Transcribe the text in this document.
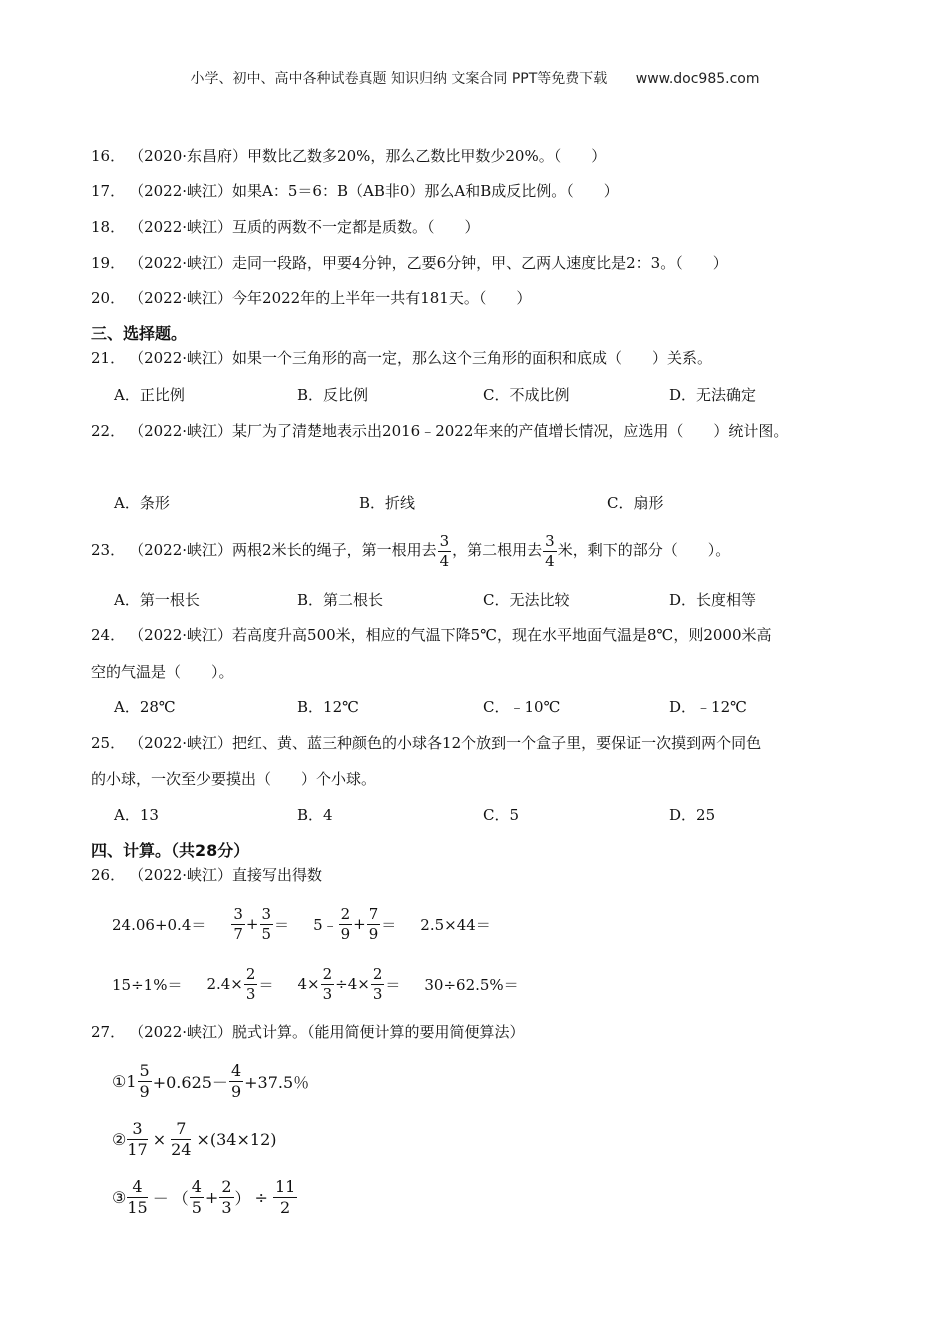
小学、初中、高中各种试卷真题 知识归纳 文案合同 PPT等免费下载 www.doc985.com
16． （2020·东昌府）甲数比乙数多20%，那么乙数比甲数少20%。（　　）
17． （2022·峡江）如果A：5＝6：B（AB非0）那么A和B成反比例。（　　）
18． （2022·峡江）互质的两数不一定都是质数。（　　）
19． （2022·峡江）走同一段路，甲要4分钟，乙要6分钟，甲、乙两人速度比是2：3。（　　）
20． （2022·峡江）今年2022年的上半年一共有181天。（　　）
三、选择题。
21． （2022·峡江）如果一个三角形的高一定，那么这个三角形的面积和底成（　　）关系。
A．正比例	B．反比例	C．不成比例	D．无法确定
22． （2022·峡江）某厂为了清楚地表示出2016﹣2022年来的产值增长情况，应选用（　　）统计图。
A．条形	B．折线	C．扇形
23． （2022·峡江）两根2米长的绳子，第一根用去 $\frac{3}{4}$ ，第二根用去 $\frac{3}{4}$ 米，剩下的部分（　　）。
A．第一根长	B．第二根长	C．无法比较	D．长度相等
24． （2022·峡江）若高度升高500米，相应的气温下降5℃，现在水平地面气温是8℃，则2000米高
空的气温是（　　）。
A．28℃	B．12℃	C．﹣10℃	D．﹣12℃
25． （2022·峡江）把红、黄、蓝三种颜色的小球各12个放到一个盒子里，要保证一次摸到两个同色
的小球，一次至少要摸出（　　）个小球。
A．13	B．4	C．5	D．25
四、计算。（共28分）
26． （2022·峡江）直接写出得数
$24.06+0.4= \frac{3}{7} + \frac{3}{5}$ ＝ 5﹣ $\frac{2}{9} + \frac{7}{9} = 2.5\times 44=$
$15\div 1\%= 2.4\times \frac{2}{3} = 4\times \frac{2}{3} \div 4\times \frac{2}{3} = 30\div 62.5\%=$
27． （2022·峡江）脱式计算。（能用简便计算的要用简便算法）
① $1 \frac{5}{9} +0.625- \frac{4}{9} +37.5$％
② $\frac{3}{17} \times \frac{7}{24} \times(34\times 12)$
③ $\frac{4}{15}$ － （ $\frac{4}{5} + \frac{2}{3}$ ） ÷ $\frac{11}{2}$
